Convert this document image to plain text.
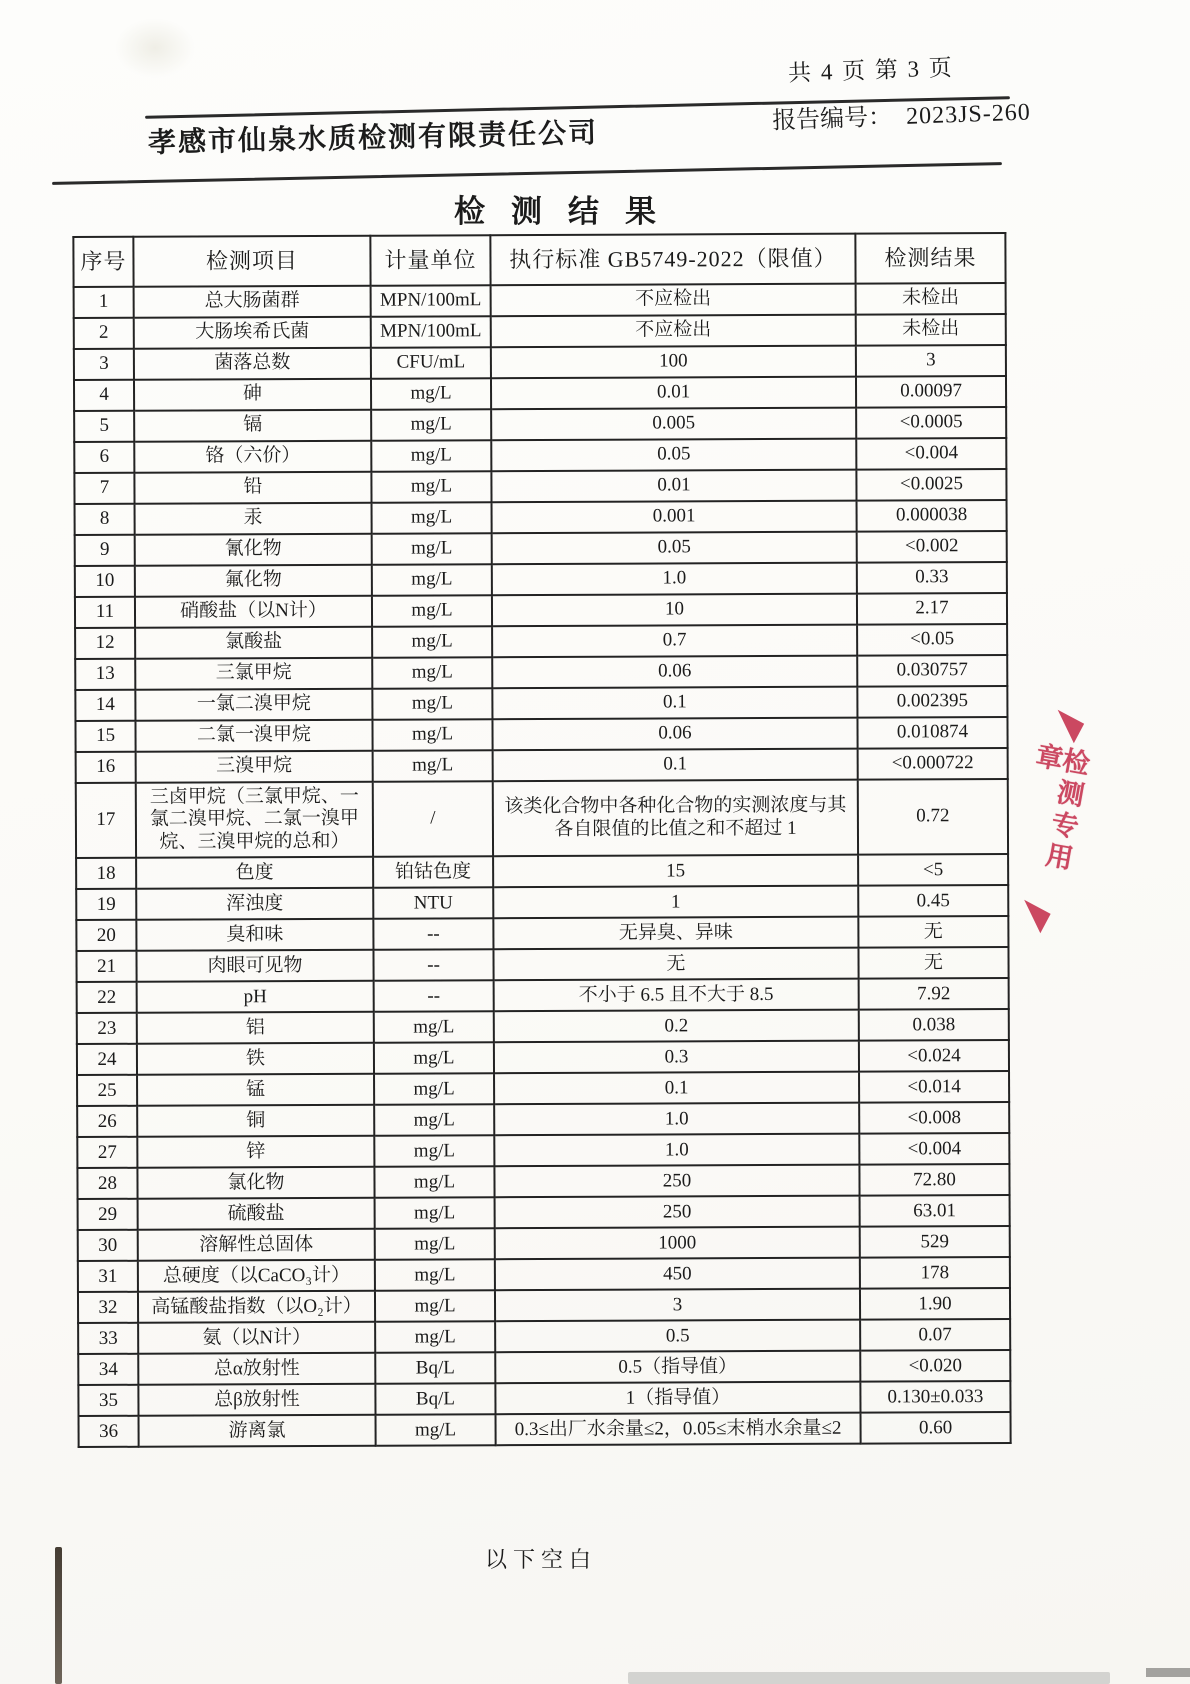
共 4 页 第 3 页
孝感市仙泉水质检测有限责任公司	报告编号： 2023JS-260
检测结果
序号	检测项目	计量单位	执行标准 GB5749-2022（限值）	检测结果
1	总大肠菌群	MPN/100mL	不应检出	未检出
2	大肠埃希氏菌	MPN/100mL	不应检出	未检出
3	菌落总数	CFU/mL	100	3
4	砷	mg/L	0.01	0.00097
5	镉	mg/L	0.005	<0.0005
6	铬（六价）	mg/L	0.05	<0.004
7	铅	mg/L	0.01	<0.0025
8	汞	mg/L	0.001	0.000038
9	氰化物	mg/L	0.05	<0.002
10	氟化物	mg/L	1.0	0.33
11	硝酸盐（以N计）	mg/L	10	2.17
12	氯酸盐	mg/L	0.7	<0.05
13	三氯甲烷	mg/L	0.06	0.030757
14	一氯二溴甲烷	mg/L	0.1	0.002395
15	二氯一溴甲烷	mg/L	0.06	0.010874
16	三溴甲烷	mg/L	0.1	<0.000722
17	三卤甲烷（三氯甲烷、一氯二溴甲烷、二氯一溴甲烷、三溴甲烷的总和）	/	该类化合物中各种化合物的实测浓度与其各自限值的比值之和不超过 1	0.72
18	色度	铂钴色度	15	<5
19	浑浊度	NTU	1	0.45
20	臭和味	--	无异臭、异味	无
21	肉眼可见物	--	无	无
22	pH	--	不小于 6.5 且不大于 8.5	7.92
23	铝	mg/L	0.2	0.038
24	铁	mg/L	0.3	<0.024
25	锰	mg/L	0.1	<0.014
26	铜	mg/L	1.0	<0.008
27	锌	mg/L	1.0	<0.004
28	氯化物	mg/L	250	72.80
29	硫酸盐	mg/L	250	63.01
30	溶解性总固体	mg/L	1000	529
31	总硬度（以CaCO₃计）	mg/L	450	178
32	高锰酸盐指数（以O₂计）	mg/L	3	1.90
33	氨（以N计）	mg/L	0.5	0.07
34	总α放射性	Bq/L	0.5（指导值）	<0.020
35	总β放射性	Bq/L	1（指导值）	0.130±0.033
36	游离氯	mg/L	0.3≤出厂水余量≤2，0.05≤末梢水余量≤2	0.60
以下空白
检测专用章
